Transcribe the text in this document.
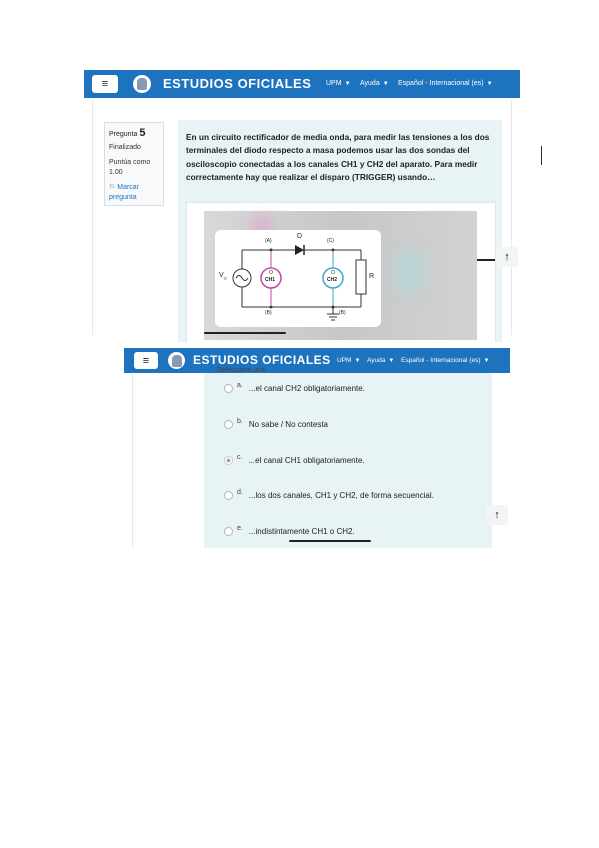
≡	ESTUDIOS OFICIALES UPM ▼ Ayuda ▼ Español - Internacional (es) ▼
Pregunta 5
Finalizado
Puntúa como 1.00
⚐ Marcar pregunta
En un circuito rectificador de media onda, para medir las tensiones a los dos terminales del diodo respecto a masa podemos usar las dos sondas del osciloscopio conectadas a los canales CH1 y CH2 del aparato. Para medir correctamente hay que realizar el disparo (TRIGGER) usando…
$V_G$
D
(A)	(C)
(B)	(B)
O
CH1
O
CH2	R
↑
≡	ESTUDIOS OFICIALES UPM ▼ Ayuda ▼ Español - Internacional (es) ▼
Seleccione una:
a. ...el canal CH2 obligatoriamente.
b. No sabe / No contesta
c. ...el canal CH1 obligatoriamente.
d. ...los dos canales, CH1 y CH2, de forma secuencial.
e. ...indistintamente CH1 o CH2.
↑
